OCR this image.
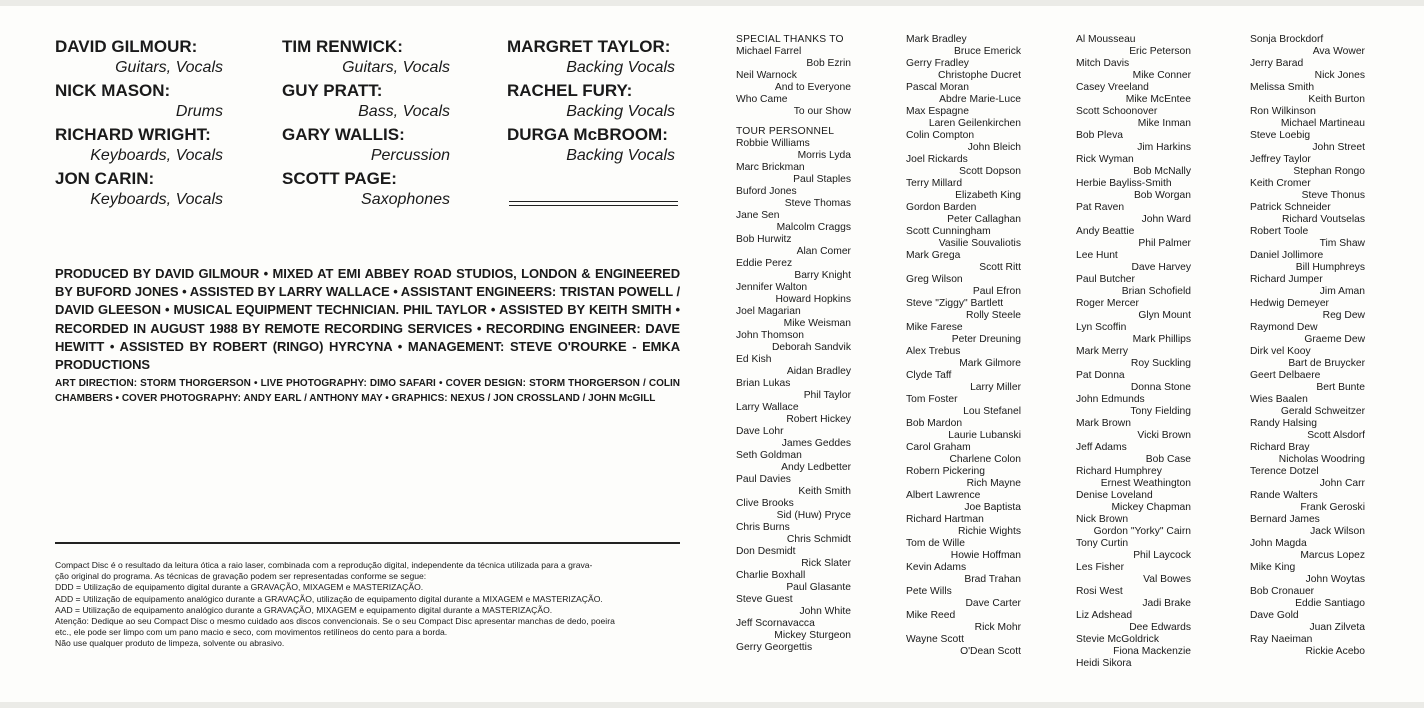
DAVID GILMOUR:
Guitars, Vocals
NICK MASON:
Drums
RICHARD WRIGHT:
Keyboards, Vocals
JON CARIN:
Keyboards, Vocals
TIM RENWICK:
Guitars, Vocals
GUY PRATT:
Bass, Vocals
GARY WALLIS:
Percussion
SCOTT PAGE:
Saxophones
MARGRET TAYLOR:
Backing Vocals
RACHEL FURY:
Backing Vocals
DURGA McBROOM:
Backing Vocals
PRODUCED BY DAVID GILMOUR • MIXED AT EMI ABBEY ROAD STUDIOS, LONDON & ENGINEERED BY BUFORD JONES • ASSISTED BY LARRY WALLACE • ASSISTANT ENGINEERS: TRISTAN POWELL / DAVID GLEESON • MUSICAL EQUIPMENT TECHNICIAN. PHIL TAYLOR • ASSISTED BY KEITH SMITH • RECORDED IN AUGUST 1988 BY REMOTE RECORDING SERVICES • RECORDING ENGINEER: DAVE HEWITT • ASSISTED BY ROBERT (RINGO) HYRCYNA • MANAGEMENT: STEVE O'ROURKE - EMKA PRODUCTIONS
ART DIRECTION: STORM THORGERSON • LIVE PHOTOGRAPHY: DIMO SAFARI • COVER DESIGN: STORM THORGERSON / COLIN CHAMBERS • COVER PHOTOGRAPHY: ANDY EARL / ANTHONY MAY • GRAPHICS: NEXUS / JON CROSSLAND / JOHN McGILL
Compact Disc é o resultado da leitura ótica a raio laser, combinada com a reprodução digital, independente da técnica utilizada para a grava-
ção original do programa. As técnicas de gravação podem ser representadas conforme se segue:
DDD = Utilização de equipamento digital durante a GRAVAÇÃO, MIXAGEM e MASTERIZAÇÃO.
ADD = Utilização de equipamento analógico durante a GRAVAÇÃO, utilização de equipamento digital durante a MIXAGEM e MASTERIZAÇÃO.
AAD = Utilização de equipamento analógico durante a GRAVAÇÃO, MIXAGEM e equipamento digital durante a MASTERIZAÇÃO.
Atenção: Dedique ao seu Compact Disc o mesmo cuidado aos discos convencionais. Se o seu Compact Disc apresentar manchas de dedo, poeira
etc., ele pode ser limpo com um pano macio e seco, com movimentos retilíneos do cento para a borda.
Não use qualquer produto de limpeza, solvente ou abrasivo.
SPECIAL THANKS TO
Michael Farrel
Bob Ezrin
Neil Warnock
And to Everyone
Who Came
To our Show
TOUR PERSONNEL
Robbie Williams
Morris Lyda
Marc Brickman
Paul Staples
Buford Jones
Steve Thomas
Jane Sen
Malcolm Craggs
Bob Hurwitz
Alan Comer
Eddie Perez
Barry Knight
Jennifer Walton
Howard Hopkins
Joel Magarian
Mike Weisman
John Thomson
Deborah Sandvik
Ed Kish
Aidan Bradley
Brian Lukas
Phil Taylor
Larry Wallace
Robert Hickey
Dave Lohr
James Geddes
Seth Goldman
Andy Ledbetter
Paul Davies
Keith Smith
Clive Brooks
Sid (Huw) Pryce
Chris Burns
Chris Schmidt
Don Desmidt
Rick Slater
Charlie Boxhall
Paul Glasante
Steve Guest
John White
Jeff Scornavacca
Mickey Sturgeon
Gerry Georgettis
Mark Bradley
Bruce Emerick
Gerry Fradley
Christophe Ducret
Pascal Moran
Abdre Marie-Luce
Max Espagne
Laren Geilenkirchen
Colin Compton
John Bleich
Joel Rickards
Scott Dopson
Terry Millard
Elizabeth King
Gordon Barden
Peter Callaghan
Scott Cunningham
Vasilie Souvaliotis
Mark Grega
Scott Ritt
Greg Wilson
Paul Efron
Steve "Ziggy" Bartlett
Rolly Steele
Mike Farese
Peter Dreuning
Alex Trebus
Mark Gilmore
Clyde Taff
Larry Miller
Tom Foster
Lou Stefanel
Bob Mardon
Laurie Lubanski
Carol Graham
Charlene Colon
Robern Pickering
Rich Mayne
Albert Lawrence
Joe Baptista
Richard Hartman
Richie Wights
Tom de Wille
Howie Hoffman
Kevin Adams
Brad Trahan
Pete Wills
Dave Carter
Mike Reed
Rick Mohr
Wayne Scott
O'Dean Scott
Al Mousseau
Eric Peterson
Mitch Davis
Mike Conner
Casey Vreeland
Mike McEntee
Scott Schoonover
Mike Inman
Bob Pleva
Jim Harkins
Rick Wyman
Bob McNally
Herbie Bayliss-Smith
Bob Worgan
Pat Raven
John Ward
Andy Beattie
Phil Palmer
Lee Hunt
Dave Harvey
Paul Butcher
Brian Schofield
Roger Mercer
Glyn Mount
Lyn Scoffin
Mark Phillips
Mark Merry
Roy Suckling
Pat Donna
Donna Stone
John Edmunds
Tony Fielding
Mark Brown
Vicki Brown
Jeff Adams
Bob Case
Richard Humphrey
Ernest Weathington
Denise Loveland
Mickey Chapman
Nick Brown
Gordon "Yorky" Cairn
Tony Curtin
Phil Laycock
Les Fisher
Val Bowes
Rosi West
Jadi Brake
Liz Adshead
Dee Edwards
Stevie McGoldrick
Fiona Mackenzie
Heidi Sikora
Sonja Brockdorf
Ava Wower
Jerry Barad
Nick Jones
Melissa Smith
Keith Burton
Ron Wilkinson
Michael Martineau
Steve Loebig
John Street
Jeffrey Taylor
Stephan Rongo
Keith Cromer
Steve Thonus
Patrick Schneider
Richard Voutselas
Robert Toole
Tim Shaw
Daniel Jollimore
Bill Humphreys
Richard Jumper
Jim Aman
Hedwig Demeyer
Reg Dew
Raymond Dew
Graeme Dew
Dirk vel Kooy
Bart de Bruycker
Geert Delbaere
Bert Bunte
Wies Baalen
Gerald Schweitzer
Randy Halsing
Scott Alsdorf
Richard Bray
Nicholas Woodring
Terence Dotzel
John Carr
Rande Walters
Frank Geroski
Bernard James
Jack Wilson
John Magda
Marcus Lopez
Mike King
John Woytas
Bob Cronauer
Eddie Santiago
Dave Gold
Juan Zilveta
Ray Naeiman
Rickie Acebo
